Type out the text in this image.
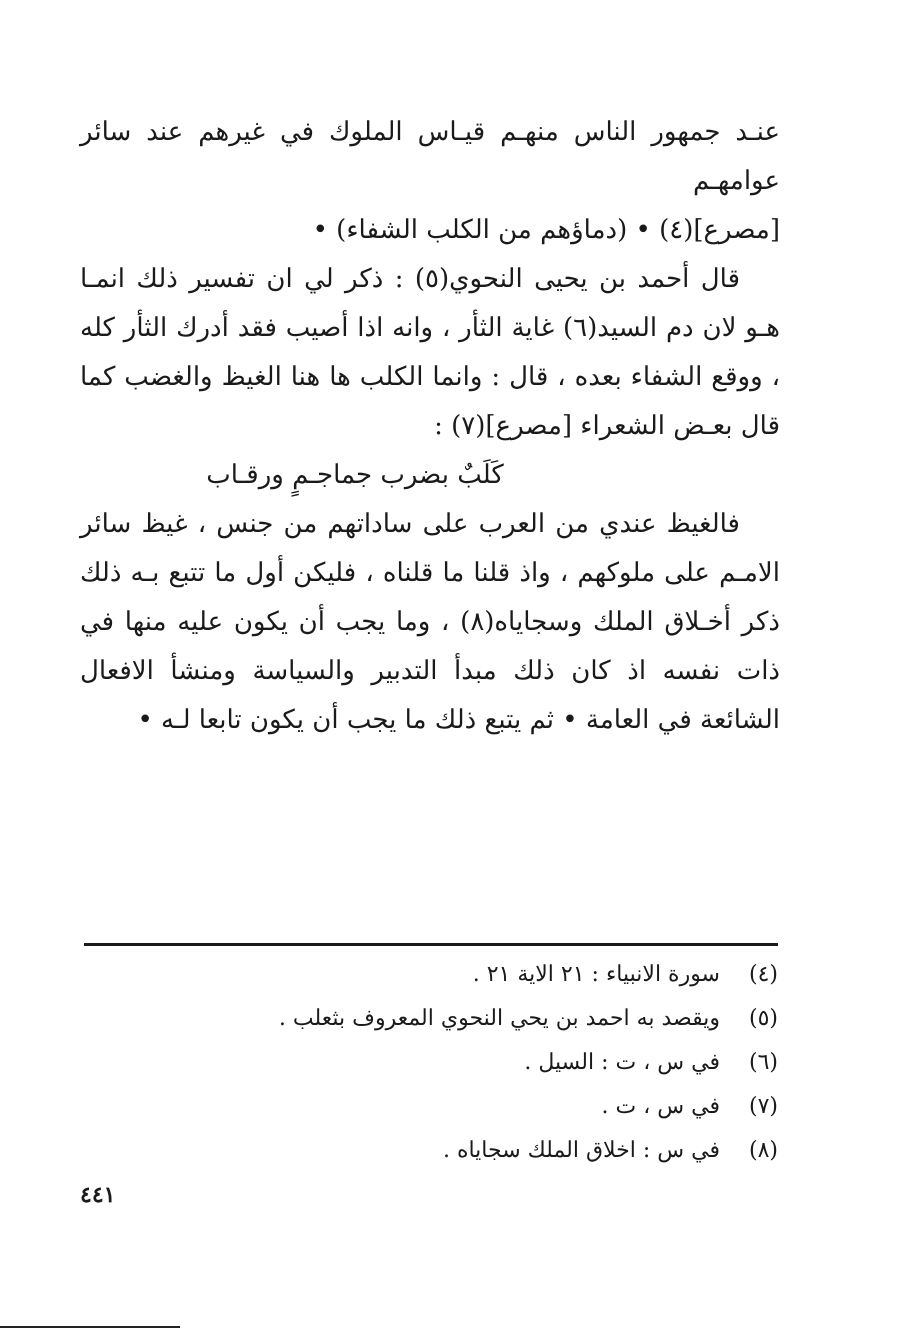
عنـد جمهور الناس منهـم قيـاس الملوك في غيرهم عند سائر عوامهـم

[مصرع](٤) • (دماؤهم من الكلب الشفاء) •

قال أحمد بن يحيى النحوي(٥) : ذكر لي ان تفسير ذلك انمـا هـو لان دم السيد(٦) غاية الثأر ، وانه اذا أصيب فقد أدرك الثأر كله ، ووقع الشفاء بعده ، قال : وانما الكلب ها هنا الغيظ والغضب كما قال بعـض الشعراء [مصرع](٧) :

كَلَبٌ بضرب جماجـمٍ ورقـاب

فالغيظ عندي من العرب على ساداتهم من جنس ، غيظ سائر الامـم على ملوكهم ، واذ قلنا ما قلناه ، فليكن أول ما تتبع بـه ذلك ذكر أخـلاق الملك وسجاياه(٨) ، وما يجب أن يكون عليه منها في ذات نفسه اذ كان ذلك مبدأ التدبير والسياسة ومنشأ الافعال الشائعة في العامة • ثم يتبع ذلك ما يجب أن يكون تابعا لـه •

(٤)
سورة الانبياء : ٢١ الاية ٢١ .
(٥)
ويقصد به احمد بن يحي النحوي المعروف بثعلب .
(٦)
في س ، ت : السيل .
(٧)
في س ، ت .
(٨)
في س : اخلاق الملك سجاياه .
٤٤١
